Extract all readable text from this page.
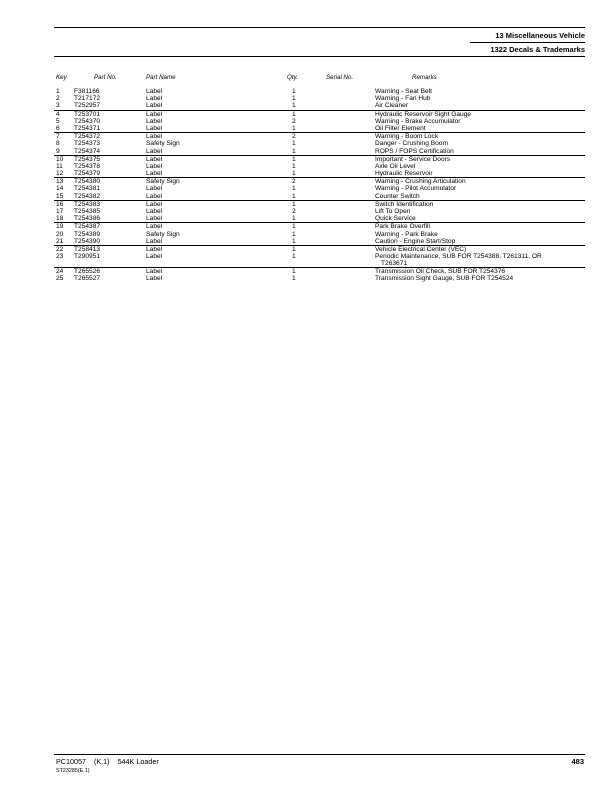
13 Miscellaneous Vehicle
1322 Decals & Trademarks
Key	Part No.	Part Name	Qty.	Serial No.	Remarks
1 F381166	Label	1	Warning - Seat Belt
2 T217172	Label	1	Warning - Fan Hub
3 T252957	Label	1	Air Cleaner
4 T253701	Label	1	Hydraulic Reservoir Sight Gauge
5 T254370	Label	2	Warning - Brake Accumulator
6 T254371	Label	1	Oil Filter Element
7 T254372	Label	2	Warning - Boom Lock
8 T254373	Safety Sign	1	Danger - Crushing Boom
9 T254374	Label	1	ROPS / FOPS Certification
10 T254375	Label	1	Important - Service Doors
11 T254378	Label	1	Axle Oil Level
12 T254379	Label	1	Hydraulic Reservoir
13 T254380	Safety Sign	2	Warning - Crushing Articulation
14 T254381	Label	1	Warning - Pilot Accumulator
15 T254382	Label	1	Counter Switch
16 T254383	Label	1	Switch Identification
17 T254385	Label	2	Lift To Open
18 T254386	Label	1	Quick Service
19 T254387	Label	1	Park Brake Overfill
20 T254389	Safety Sign	1	Warning - Park Brake
21 T254390	Label	1	Caution - Engine Start/Stop
22 T258413	Label	1	Vehicle Electrical Center (VEC)
23 T290951	Label	1	Periodic Maintenance, SUB FOR T254388, T261311, OR
T263671
24 T265526	Label	1	Transmission Oil Check, SUB FOR T254376
25 T265527	Label	1	Transmission Sight Gauge, SUB FOR T254524
PC10057 (K.1) 544K Loader
ST23285(E.1)
483
